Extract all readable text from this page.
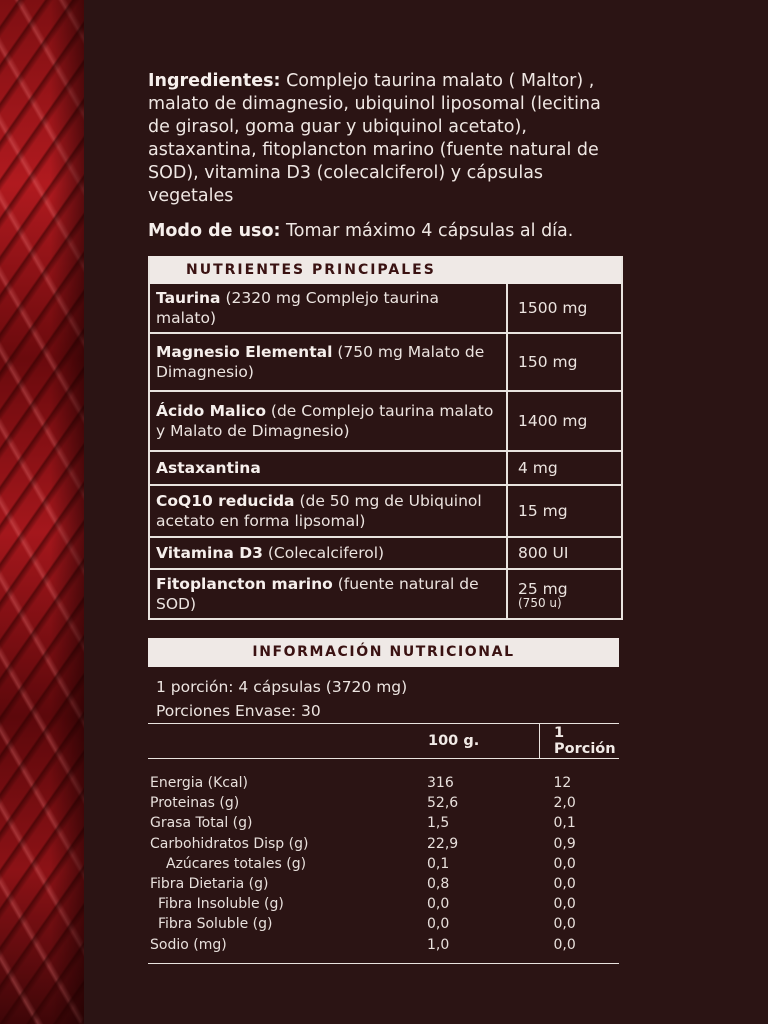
Ingredientes: Complejo taurina malato ( Maltor) , malato de dimagnesio, ubiquinol liposomal (lecitina de girasol, goma guar y ubiquinol acetato), astaxantina, fitoplancton marino (fuente natural de SOD), vitamina D3 (colecalciferol) y cápsulas vegetales

Modo de uso: Tomar máximo 4 cápsulas al día.

NUTRIENTES PRINCIPALES
Taurina (2320 mg Complejo taurina malato)	1500 mg
Magnesio Elemental (750 mg Malato de Dimagnesio)	150 mg
Ácido Malico (de Complejo taurina malato y Malato de Dimagnesio)	1400 mg
Astaxantina	4 mg
CoQ10 reducida (de 50 mg de Ubiquinol acetato en forma lipsomal)	15 mg
Vitamina D3 (Colecalciferol)	800 UI
Fitoplancton marino (fuente natural de SOD)	25 mg
(750 u)
INFORMACIÓN NUTRICIONAL
1 porción: 4 cápsulas (3720 mg)
Porciones Envase: 30
	100 g.	1 Porción
Energia (Kcal)	316	12
Proteinas (g)	52,6	2,0
Grasa Total (g)	1,5	0,1
Carbohidratos Disp (g)	22,9	0,9
Azúcares totales (g)	0,1	0,0
Fibra Dietaria (g)	0,8	0,0
Fibra Insoluble (g)	0,0	0,0
Fibra Soluble (g)	0,0	0,0
Sodio (mg)	1,0	0,0
